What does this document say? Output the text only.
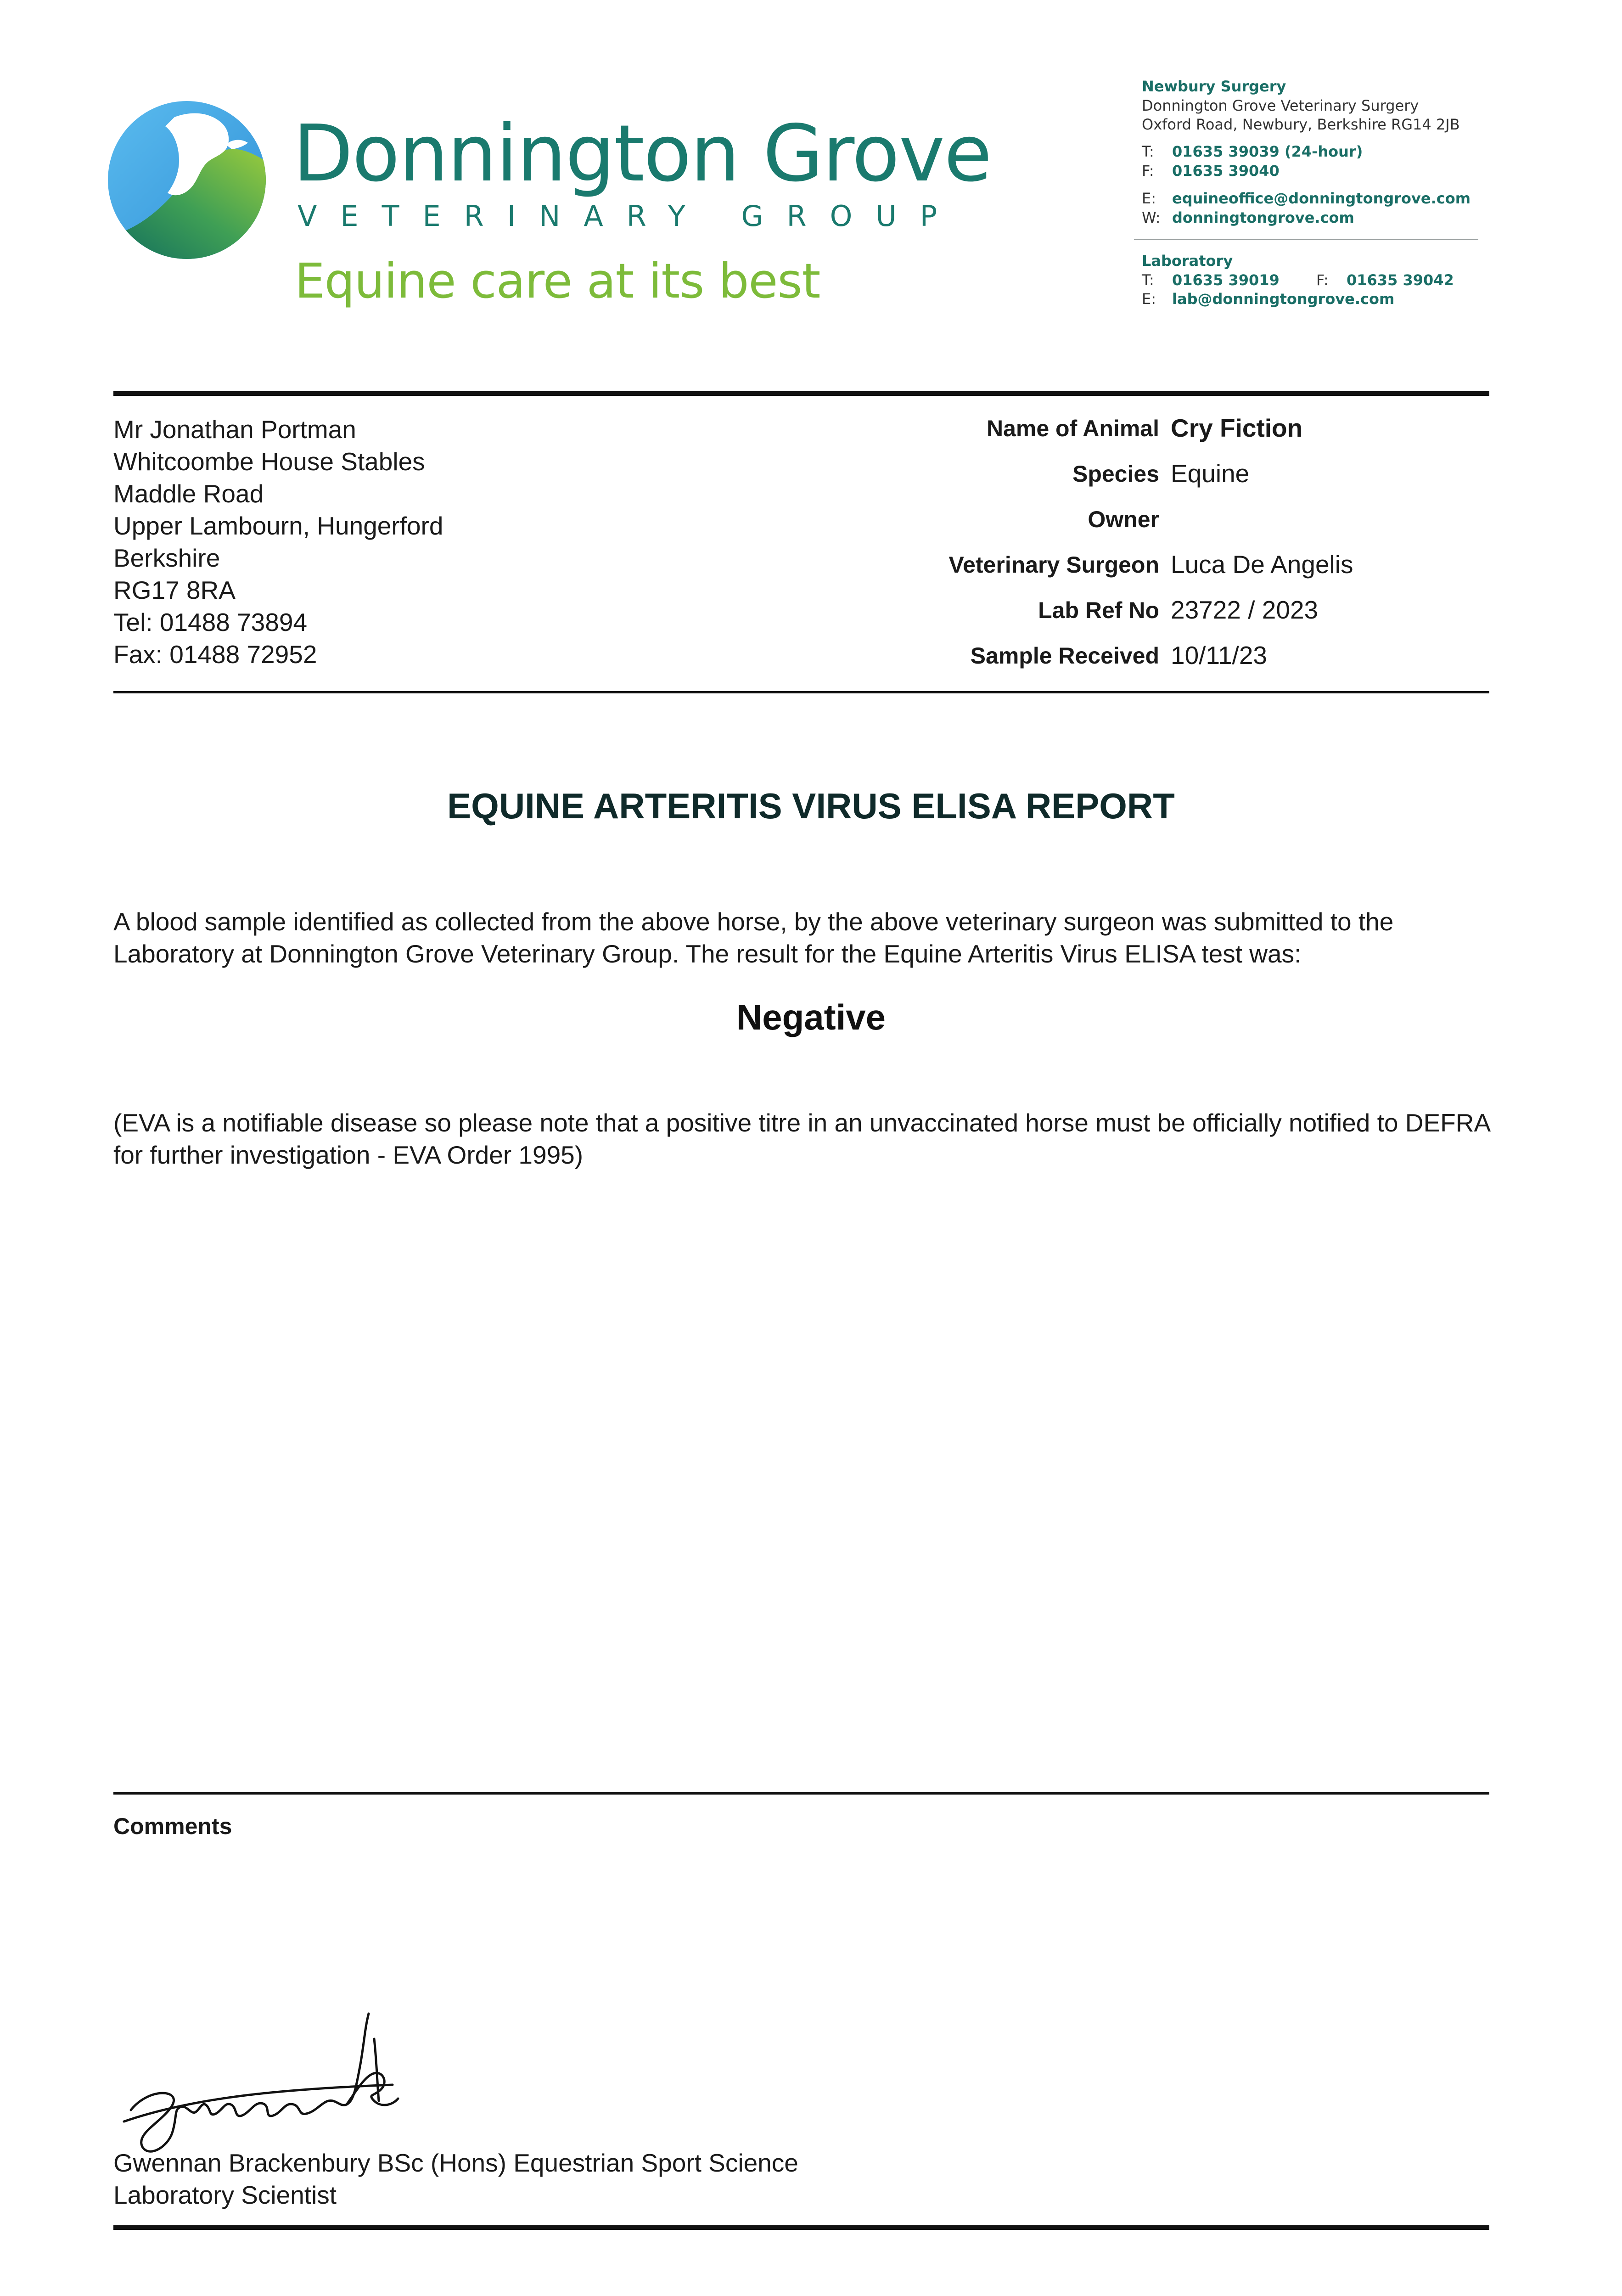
Donnington Grove
VETERINARY GROUP
Equine care at its best
Newbury Surgery
Donnington Grove Veterinary Surgery
Oxford Road, Newbury, Berkshire RG14 2JB
T: 01635 39039 (24-hour)
F: 01635 39040
E: equineoffice@donningtongrove.com
W: donningtongrove.com
Laboratory
T: 01635 39019	F: 01635 39042
E: lab@donningtongrove.com
Mr Jonathan Portman
Whitcoombe House Stables
Maddle Road
Upper Lambourn, Hungerford
Berkshire
RG17 8RA
Tel: 01488 73894
Fax: 01488 72952
Name of Animal Cry Fiction
Species Equine
Owner
Veterinary Surgeon Luca De Angelis
Lab Ref No 23722 / 2023
Sample Received 10/11/23
EQUINE ARTERITIS VIRUS ELISA REPORT
A blood sample identified as collected from the above horse, by the above veterinary surgeon was submitted to the Laboratory at Donnington Grove Veterinary Group. The result for the Equine Arteritis Virus ELISA test was:
Negative
(EVA is a notifiable disease so please note that a positive titre in an unvaccinated horse must be officially notified to DEFRA for further investigation - EVA Order 1995)
Comments
Gwennan Brackenbury BSc (Hons) Equestrian Sport Science
Laboratory Scientist
